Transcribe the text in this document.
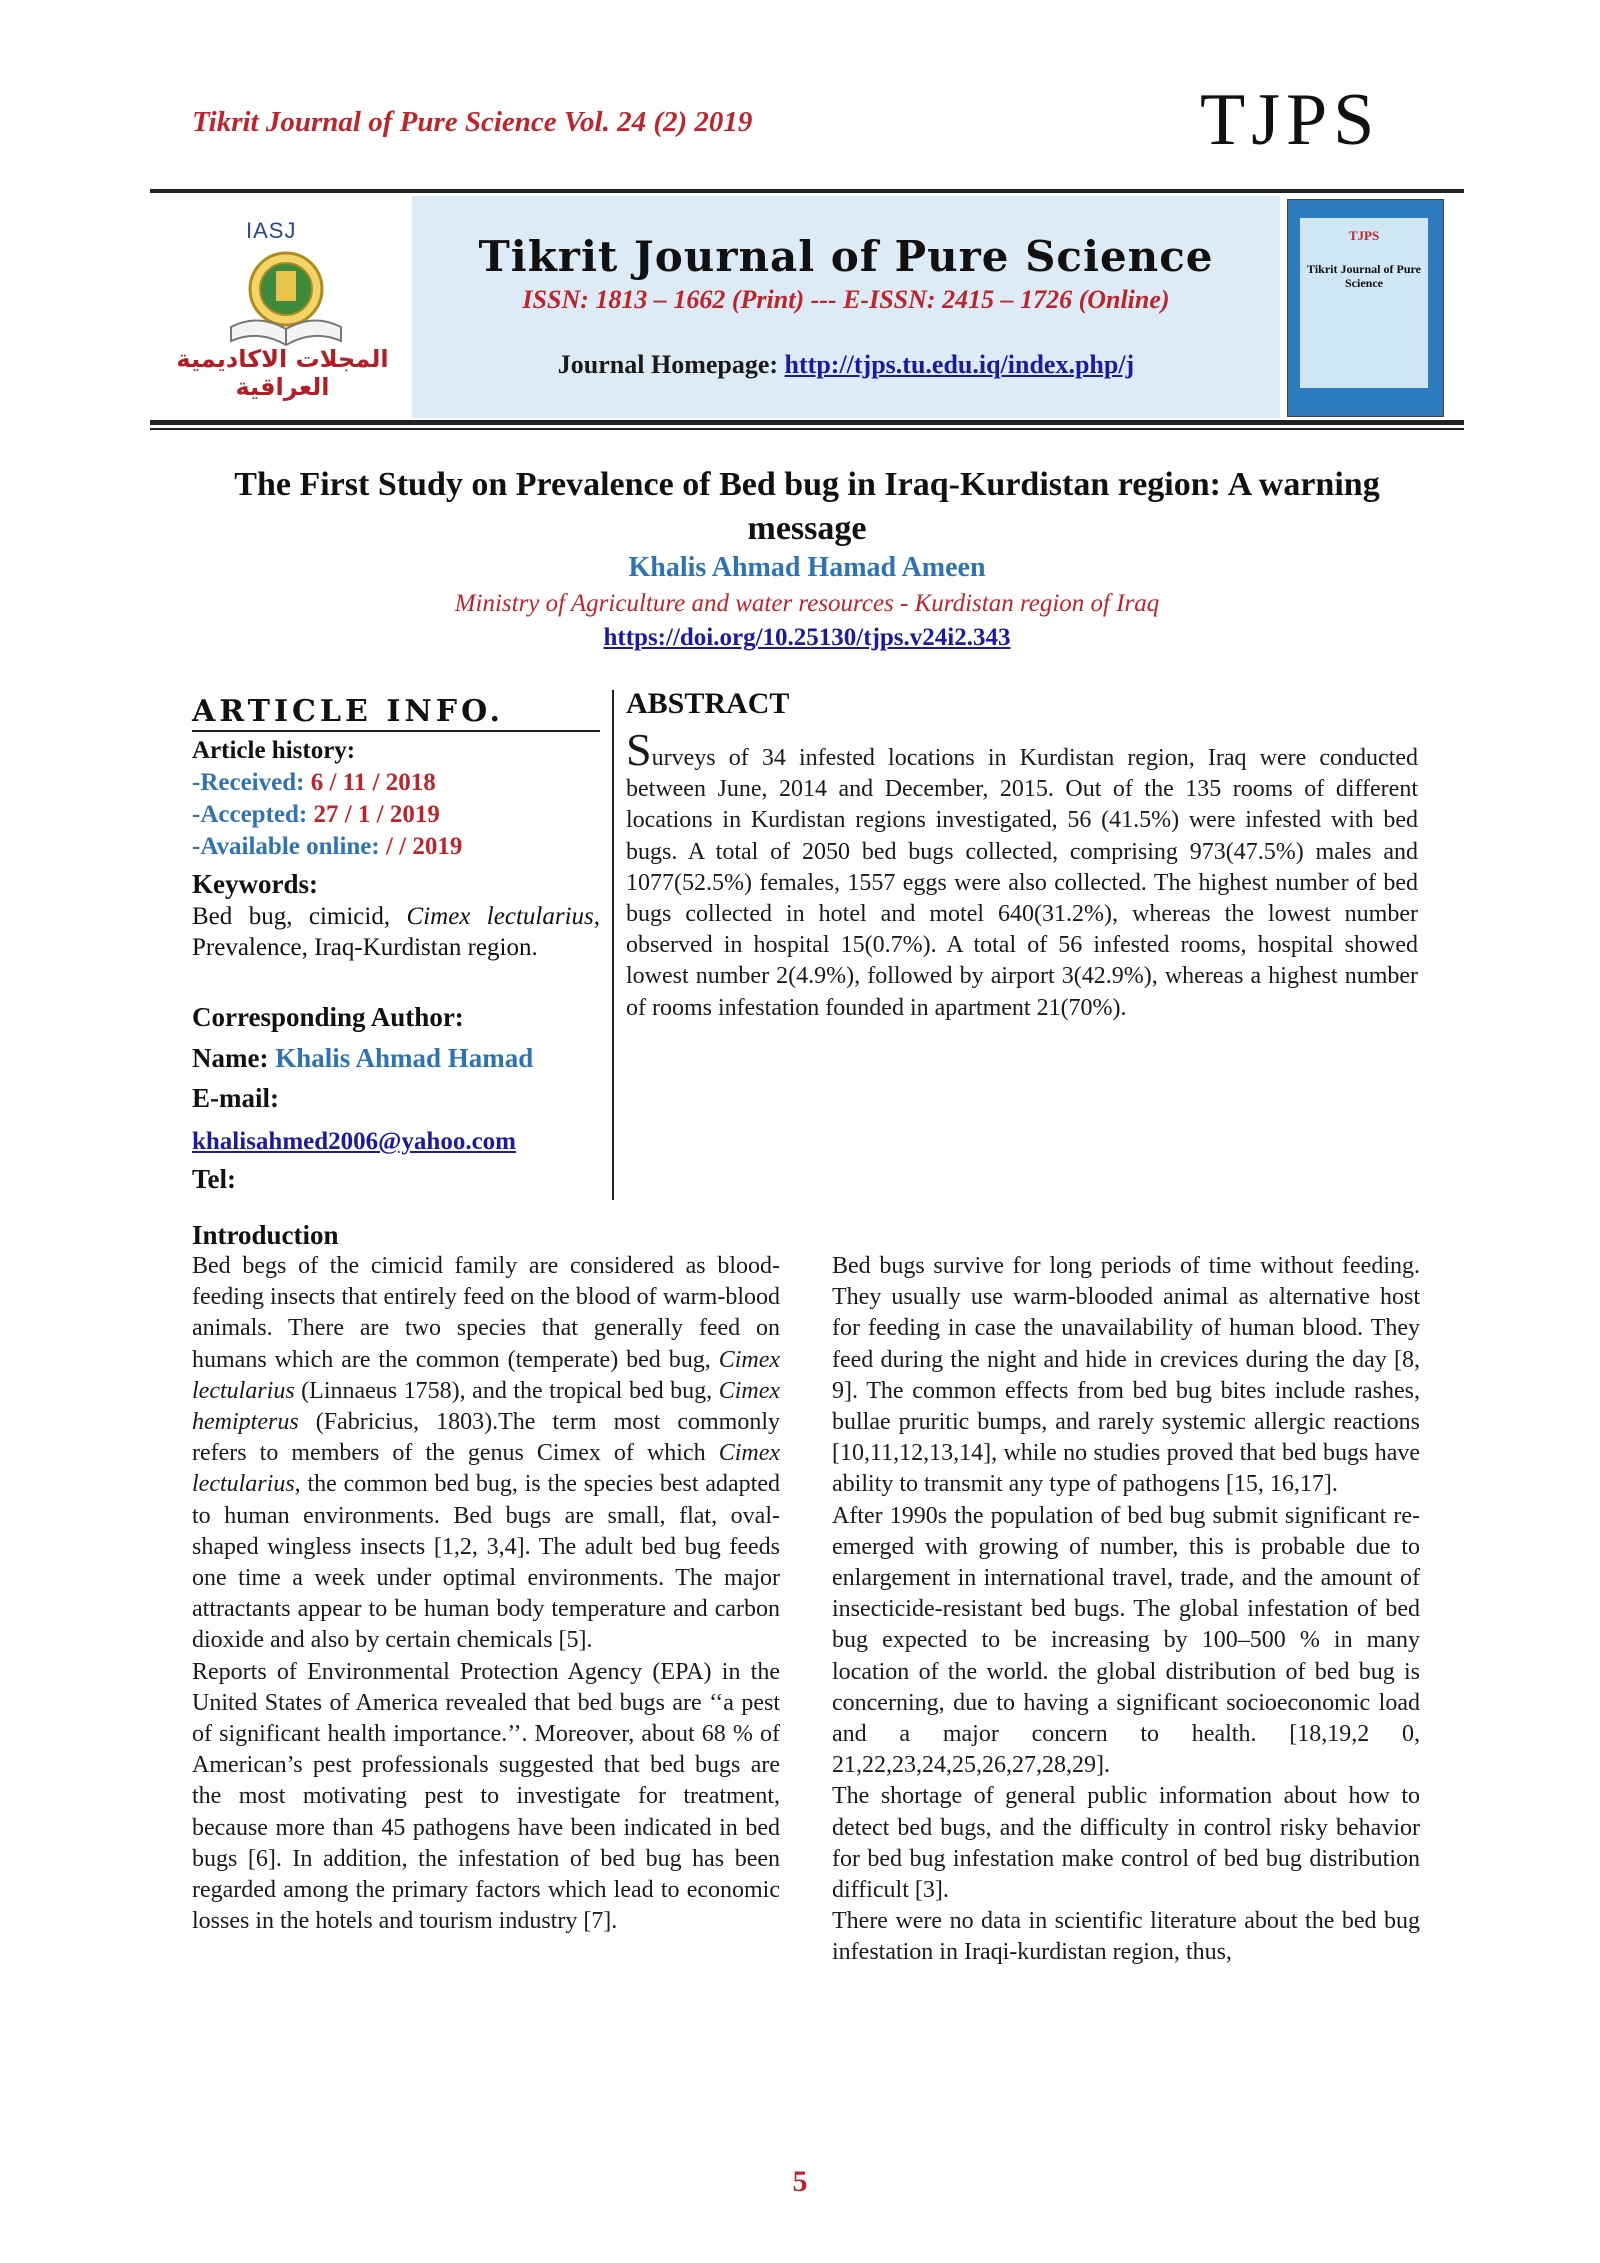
Tikrit Journal of Pure Science Vol. 24 (2) 2019	TJPS
IASJ
المجلات الاكاديمية العراقية
Tikrit Journal of Pure Science
ISSN: 1813 – 1662 (Print) --- E-ISSN: 2415 – 1726 (Online)
Journal Homepage: http://tjps.tu.edu.iq/index.php/j
TJPS
Tikrit Journal of Pure Science
The First Study on Prevalence of Bed bug in Iraq-Kurdistan region: A warning message
Khalis Ahmad Hamad Ameen
Ministry of Agriculture and water resources - Kurdistan region of Iraq
https://doi.org/10.25130/tjps.v24i2.343
ARTICLE INFO.
Article history:
-Received: 6 / 11 / 2018
-Accepted: 27 / 1 / 2019
-Available online: / / 2019
Keywords:
Bed bug, cimicid, Cimex lectularius, Prevalence, Iraq-Kurdistan region.
Corresponding Author:
Name: Khalis Ahmad Hamad
E-mail:
khalisahmed2006@yahoo.com
Tel:
ABSTRACT
Surveys of 34 infested locations in Kurdistan region, Iraq were conducted between June, 2014 and December, 2015. Out of the 135 rooms of different locations in Kurdistan regions investigated, 56 (41.5%) were infested with bed bugs. A total of 2050 bed bugs collected, comprising 973(47.5%) males and 1077(52.5%) females, 1557 eggs were also collected. The highest number of bed bugs collected in hotel and motel 640(31.2%), whereas the lowest number observed in hospital 15(0.7%). A total of 56 infested rooms, hospital showed lowest number 2(4.9%), followed by airport 3(42.9%), whereas a highest number of rooms infestation founded in apartment 21(70%).
Introduction

Bed begs of the cimicid family are considered as blood-feeding insects that entirely feed on the blood of warm-blood animals. There are two species that generally feed on humans which are the common (temperate) bed bug, Cimex lectularius (Linnaeus 1758), and the tropical bed bug, Cimex hemipterus (Fabricius, 1803).The term most commonly refers to members of the genus Cimex of which Cimex lectularius, the common bed bug, is the species best adapted to human environments. Bed bugs are small, flat, oval-shaped wingless insects [1,2, 3,4]. The adult bed bug feeds one time a week under optimal environments. The major attractants appear to be human body temperature and carbon dioxide and also by certain chemicals [5].

Reports of Environmental Protection Agency (EPA) in the United States of America revealed that bed bugs are ‘‘a pest of significant health importance.’’. Moreover, about 68 % of American’s pest professionals suggested that bed bugs are the most motivating pest to investigate for treatment, because more than 45 pathogens have been indicated in bed bugs [6]. In addition, the infestation of bed bug has been regarded among the primary factors which lead to economic losses in the hotels and tourism industry [7].

Bed bugs survive for long periods of time without feeding. They usually use warm-blooded animal as alternative host for feeding in case the unavailability of human blood. They feed during the night and hide in crevices during the day [8, 9]. The common effects from bed bug bites include rashes, bullae pruritic bumps, and rarely systemic allergic reactions [10,11,12,13,14], while no studies proved that bed bugs have ability to transmit any type of pathogens [15, 16,17].

After 1990s the population of bed bug submit significant re-emerged with growing of number, this is probable due to enlargement in international travel, trade, and the amount of insecticide-resistant bed bugs. The global infestation of bed bug expected to be increasing by 100–500 % in many location of the world. the global distribution of bed bug is concerning, due to having a significant socioeconomic load and a major concern to health. [18,19,2 0, 21,22,23,24,25,26,27,28,29].

The shortage of general public information about how to detect bed bugs, and the difficulty in control risky behavior for bed bug infestation make control of bed bug distribution difficult [3].

There were no data in scientific literature about the bed bug infestation in Iraqi-kurdistan region, thus,

5
